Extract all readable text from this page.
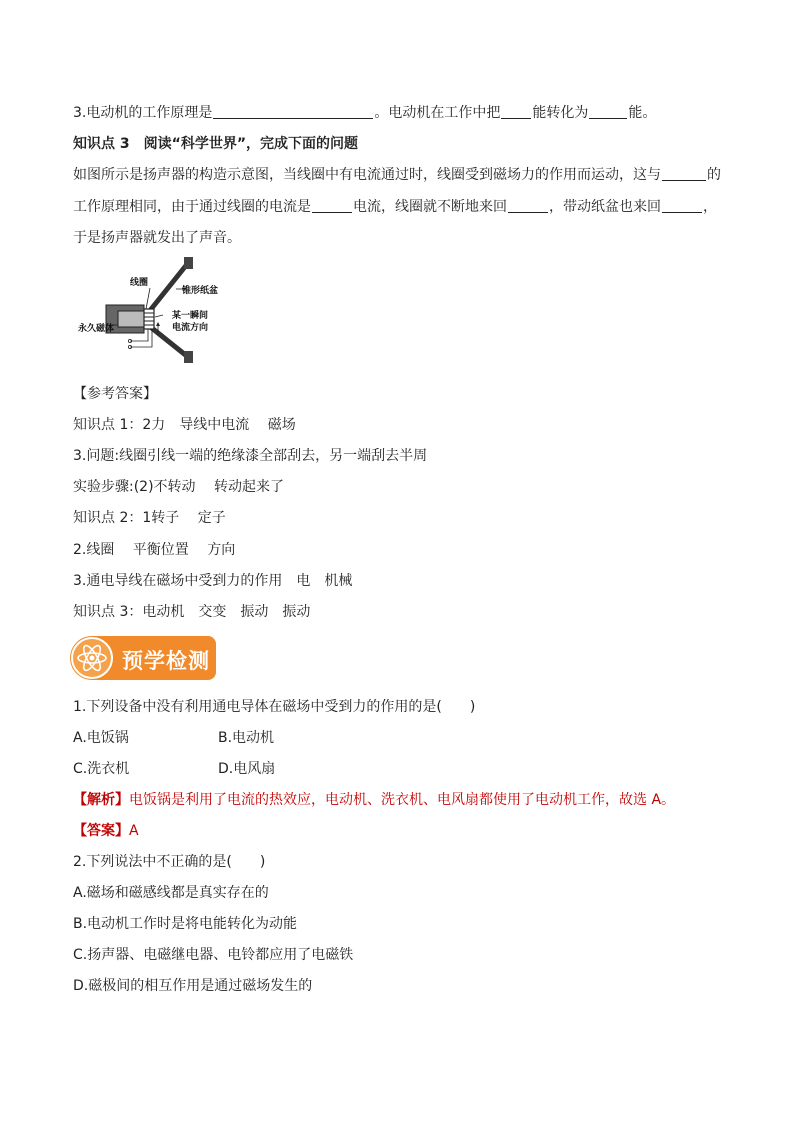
3.电动机的工作原理是	。电动机在工作中把 能转化为	能。
知识点 3　阅读“科学世界”，完成下面的问题
如图所示是扬声器的构造示意图，当线圈中有电流通过时，线圈受到磁场力的作用而运动，这与	的
工作原理相同，由于通过线圈的电流是	电流，线圈就不断地来回	，带动纸盆也来回	，
于是扬声器就发出了声音。
线圈
锥形纸盆
永久磁体
某一瞬间
电流方向
【参考答案】
知识点 1：2力　导线中电流　 磁场
3.问题:线圈引线一端的绝缘漆全部刮去，另一端刮去半周
实验步骤:(2)不转动　 转动起来了
知识点 2：1转子　 定子
2.线圈　 平衡位置　 方向
3.通电导线在磁场中受到力的作用　电　机械
知识点 3：电动机　交变　振动　振动
预学检测
1.下列设备中没有利用通电导体在磁场中受到力的作用的是(　　)
A.电饭锅	B.电动机
C.洗衣机	D.电风扇
【解析】电饭锅是利用了电流的热效应，电动机、洗衣机、电风扇都使用了电动机工作，故选 A。
【答案】A
2.下列说法中不正确的是(　　)
A.磁场和磁感线都是真实存在的
B.电动机工作时是将电能转化为动能
C.扬声器、电磁继电器、电铃都应用了电磁铁
D.磁极间的相互作用是通过磁场发生的
